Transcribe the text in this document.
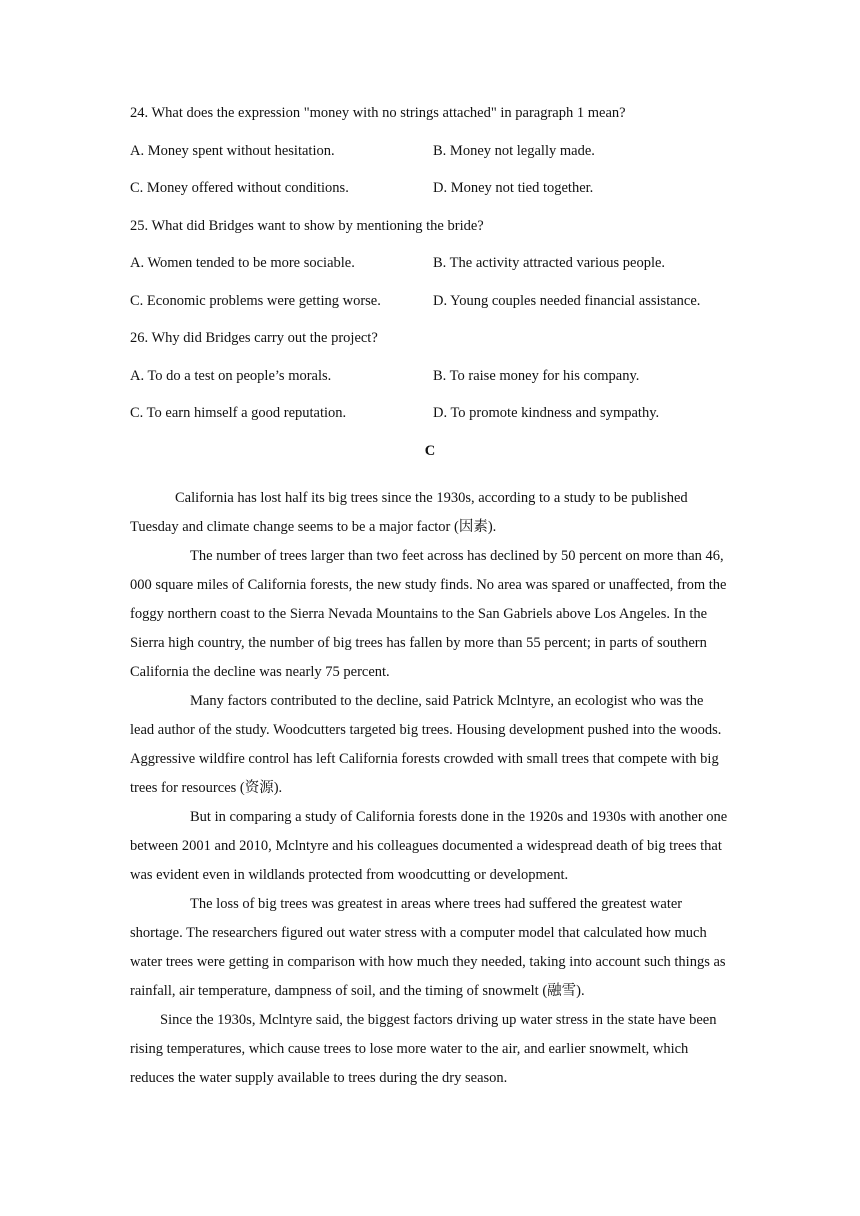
24. What does the expression "money with no strings attached" in paragraph 1 mean?
A. Money spent without hesitation.	B. Money not legally made.
C. Money offered without conditions.	D. Money not tied together.
25. What did Bridges want to show by mentioning the bride?
A. Women tended to be more sociable.	B. The activity attracted various people.
C. Economic problems were getting worse.	D. Young couples needed financial assistance.
26. Why did Bridges carry out the project?
A. To do a test on people’s morals.	B. To raise money for his company.
C. To earn himself a good reputation.	D. To promote kindness and sympathy.
C

California has lost half its big trees since the 1930s, according to a study to be published Tuesday and climate change seems to be a major factor (因素).

The number of trees larger than two feet across has declined by 50 percent on more than 46, 000 square miles of California forests, the new study finds. No area was spared or unaffected, from the foggy northern coast to the Sierra Nevada Mountains to the San Gabriels above Los Angeles. In the Sierra high country, the number of big trees has fallen by more than 55 percent; in parts of southern California the decline was nearly 75 percent.

Many factors contributed to the decline, said Patrick Mclntyre, an ecologist who was the lead author of the study. Woodcutters targeted big trees. Housing development pushed into the woods. Aggressive wildfire control has left California forests crowded with small trees that compete with big trees for resources (资源).

But in comparing a study of California forests done in the 1920s and 1930s with another one between 2001 and 2010, Mclntyre and his colleagues documented a widespread death of big trees that was evident even in wildlands protected from woodcutting or development.

The loss of big trees was greatest in areas where trees had suffered the greatest water shortage. The researchers figured out water stress with a computer model that calculated how much water trees were getting in comparison with how much they needed, taking into account such things as rainfall, air temperature, dampness of soil, and the timing of snowmelt (融雪).

Since the 1930s, Mclntyre said, the biggest factors driving up water stress in the state have been rising temperatures, which cause trees to lose more water to the air, and earlier snowmelt, which reduces the water supply available to trees during the dry season.
